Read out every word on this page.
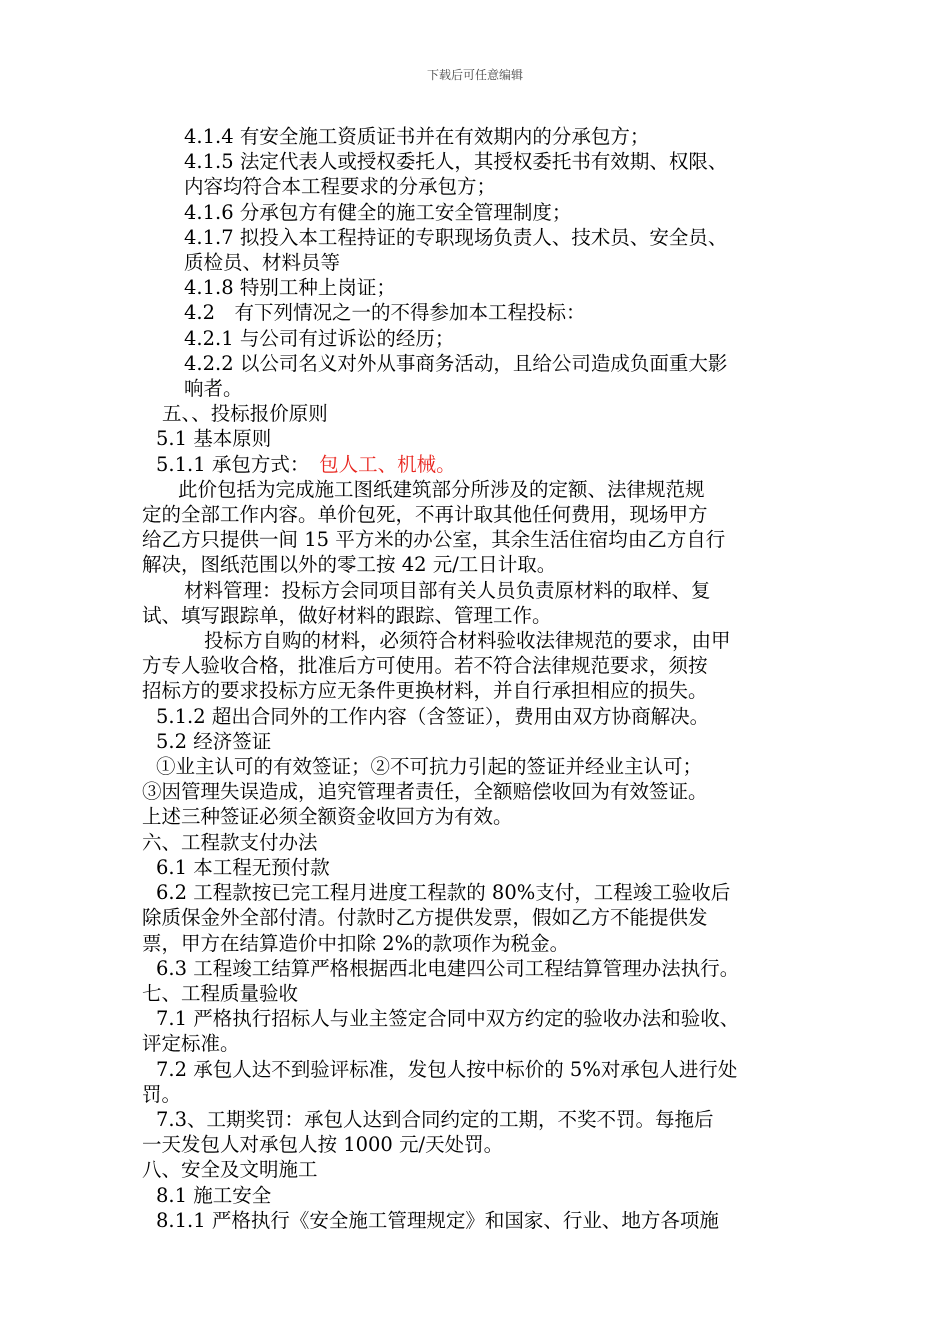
下载后可任意编辑
4.1.4 有安全施工资质证书并在有效期内的分承包方；
4.1.5 法定代表人或授权委托人，其授权委托书有效期、权限、
内容均符合本工程要求的分承包方；
4.1.6 分承包方有健全的施工安全管理制度；
4.1.7 拟投入本工程持证的专职现场负责人、技术员、安全员、
质检员、材料员等
4.1.8 特别工种上岗证；
4.2　有下列情况之一的不得参加本工程投标：
4.2.1 与公司有过诉讼的经历；
4.2.2 以公司名义对外从事商务活动，且给公司造成负面重大影
响者。
五、、投标报价原则
5.1 基本原则
5.1.1 承包方式：　包人工、机械。
此价包括为完成施工图纸建筑部分所涉及的定额、法律规范规
定的全部工作内容。单价包死，不再计取其他任何费用，现场甲方
给乙方只提供一间 15 平方米的办公室，其余生活住宿均由乙方自行
解决，图纸范围以外的零工按 42 元/工日计取。
材料管理：投标方会同项目部有关人员负责原材料的取样、复
试、填写跟踪单，做好材料的跟踪、管理工作。
投标方自购的材料，必须符合材料验收法律规范的要求，由甲
方专人验收合格，批准后方可使用。若不符合法律规范要求，须按
招标方的要求投标方应无条件更换材料，并自行承担相应的损失。
5.1.2 超出合同外的工作内容（含签证），费用由双方协商解决。
5.2 经济签证
①业主认可的有效签证；②不可抗力引起的签证并经业主认可；
③因管理失误造成，追究管理者责任，全额赔偿收回为有效签证。
上述三种签证必须全额资金收回方为有效。
六、工程款支付办法
6.1 本工程无预付款
6.2 工程款按已完工程月进度工程款的 80%支付，工程竣工验收后
除质保金外全部付清。付款时乙方提供发票，假如乙方不能提供发
票，甲方在结算造价中扣除 2%的款项作为税金。
6.3 工程竣工结算严格根据西北电建四公司工程结算管理办法执行。
七、工程质量验收
7.1 严格执行招标人与业主签定合同中双方约定的验收办法和验收、
评定标准。
7.2 承包人达不到验评标准，发包人按中标价的 5%对承包人进行处
罚。
7.3、工期奖罚：承包人达到合同约定的工期，不奖不罚。每拖后
一天发包人对承包人按 1000 元/天处罚。
八、安全及文明施工
8.1 施工安全
8.1.1 严格执行《安全施工管理规定》和国家、行业、地方各项施
